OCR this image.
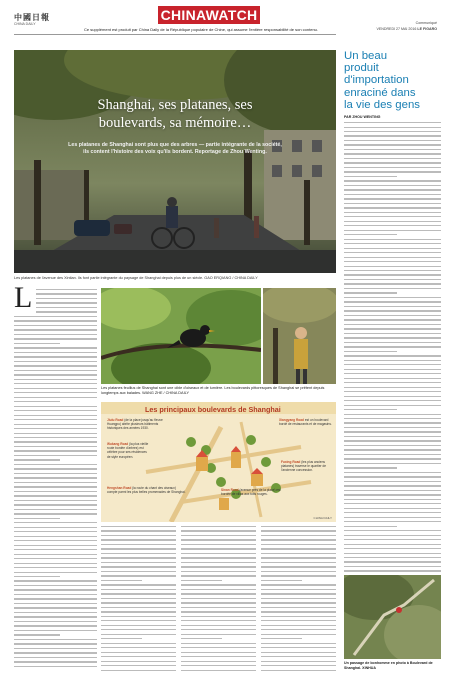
中國日報
CHINA DAILY
CHINAWATCH
Ce supplément est produit par China Daily de la République populaire de Chine, qui assume l'entière responsabilité de son contenu.
Communiqué
VENDREDI 27 MAI 2016 LE FIGARO
Shanghai, ses platanes, ses
boulevards, sa mémoire…
Les platanes de Shanghai sont plus que des arbres — partie intégrante de la société,
ils content l'histoire des voix qu'ils bordent. Reportage de Zhou Wenting.
Les platanes de l'avenue des Xintian. Ils font partie intégrante du paysage de Shanghai depuis plus de un siècle. GAO ERQIANG / CHINA DAILY
Un beau
produit
d'importation
enraciné dans
la vie des gens
PAR ZHOU WENTING
Un passage de bonhomme en photo à Boulevard de Shanghai. XINHUA
L
Les platanes feuillus de Shanghai sont une cible d'oiseaux et de lumière. Les boulevards pittoresques de Shanghai se prêtent depuis longtemps aux balades. WANG ZHE / CHINA DAILY
Les principaux boulevards de Shanghai
Jiulu Road (de la place jusqu'au fleuve Huangpu) abrite plusieurs bâtiments historiques des années 1930.
Wukang Road (la plus vieille route bordée d'arbres) est célèbre pour ses résidences de style européen.
Hengshan Road (la route du chant des oiseaux) compte parmi les plus belles promenades de Shanghai.
Sinan Road (avenue près de la place) est bordée de villas aux toits rouges.
Xiangyang Road est un boulevard bordé de restaurants et de magasins.
Fuxing Road (les plus anciens platanes) traverse le quartier de l'ancienne concession.
CHINA DAILY
